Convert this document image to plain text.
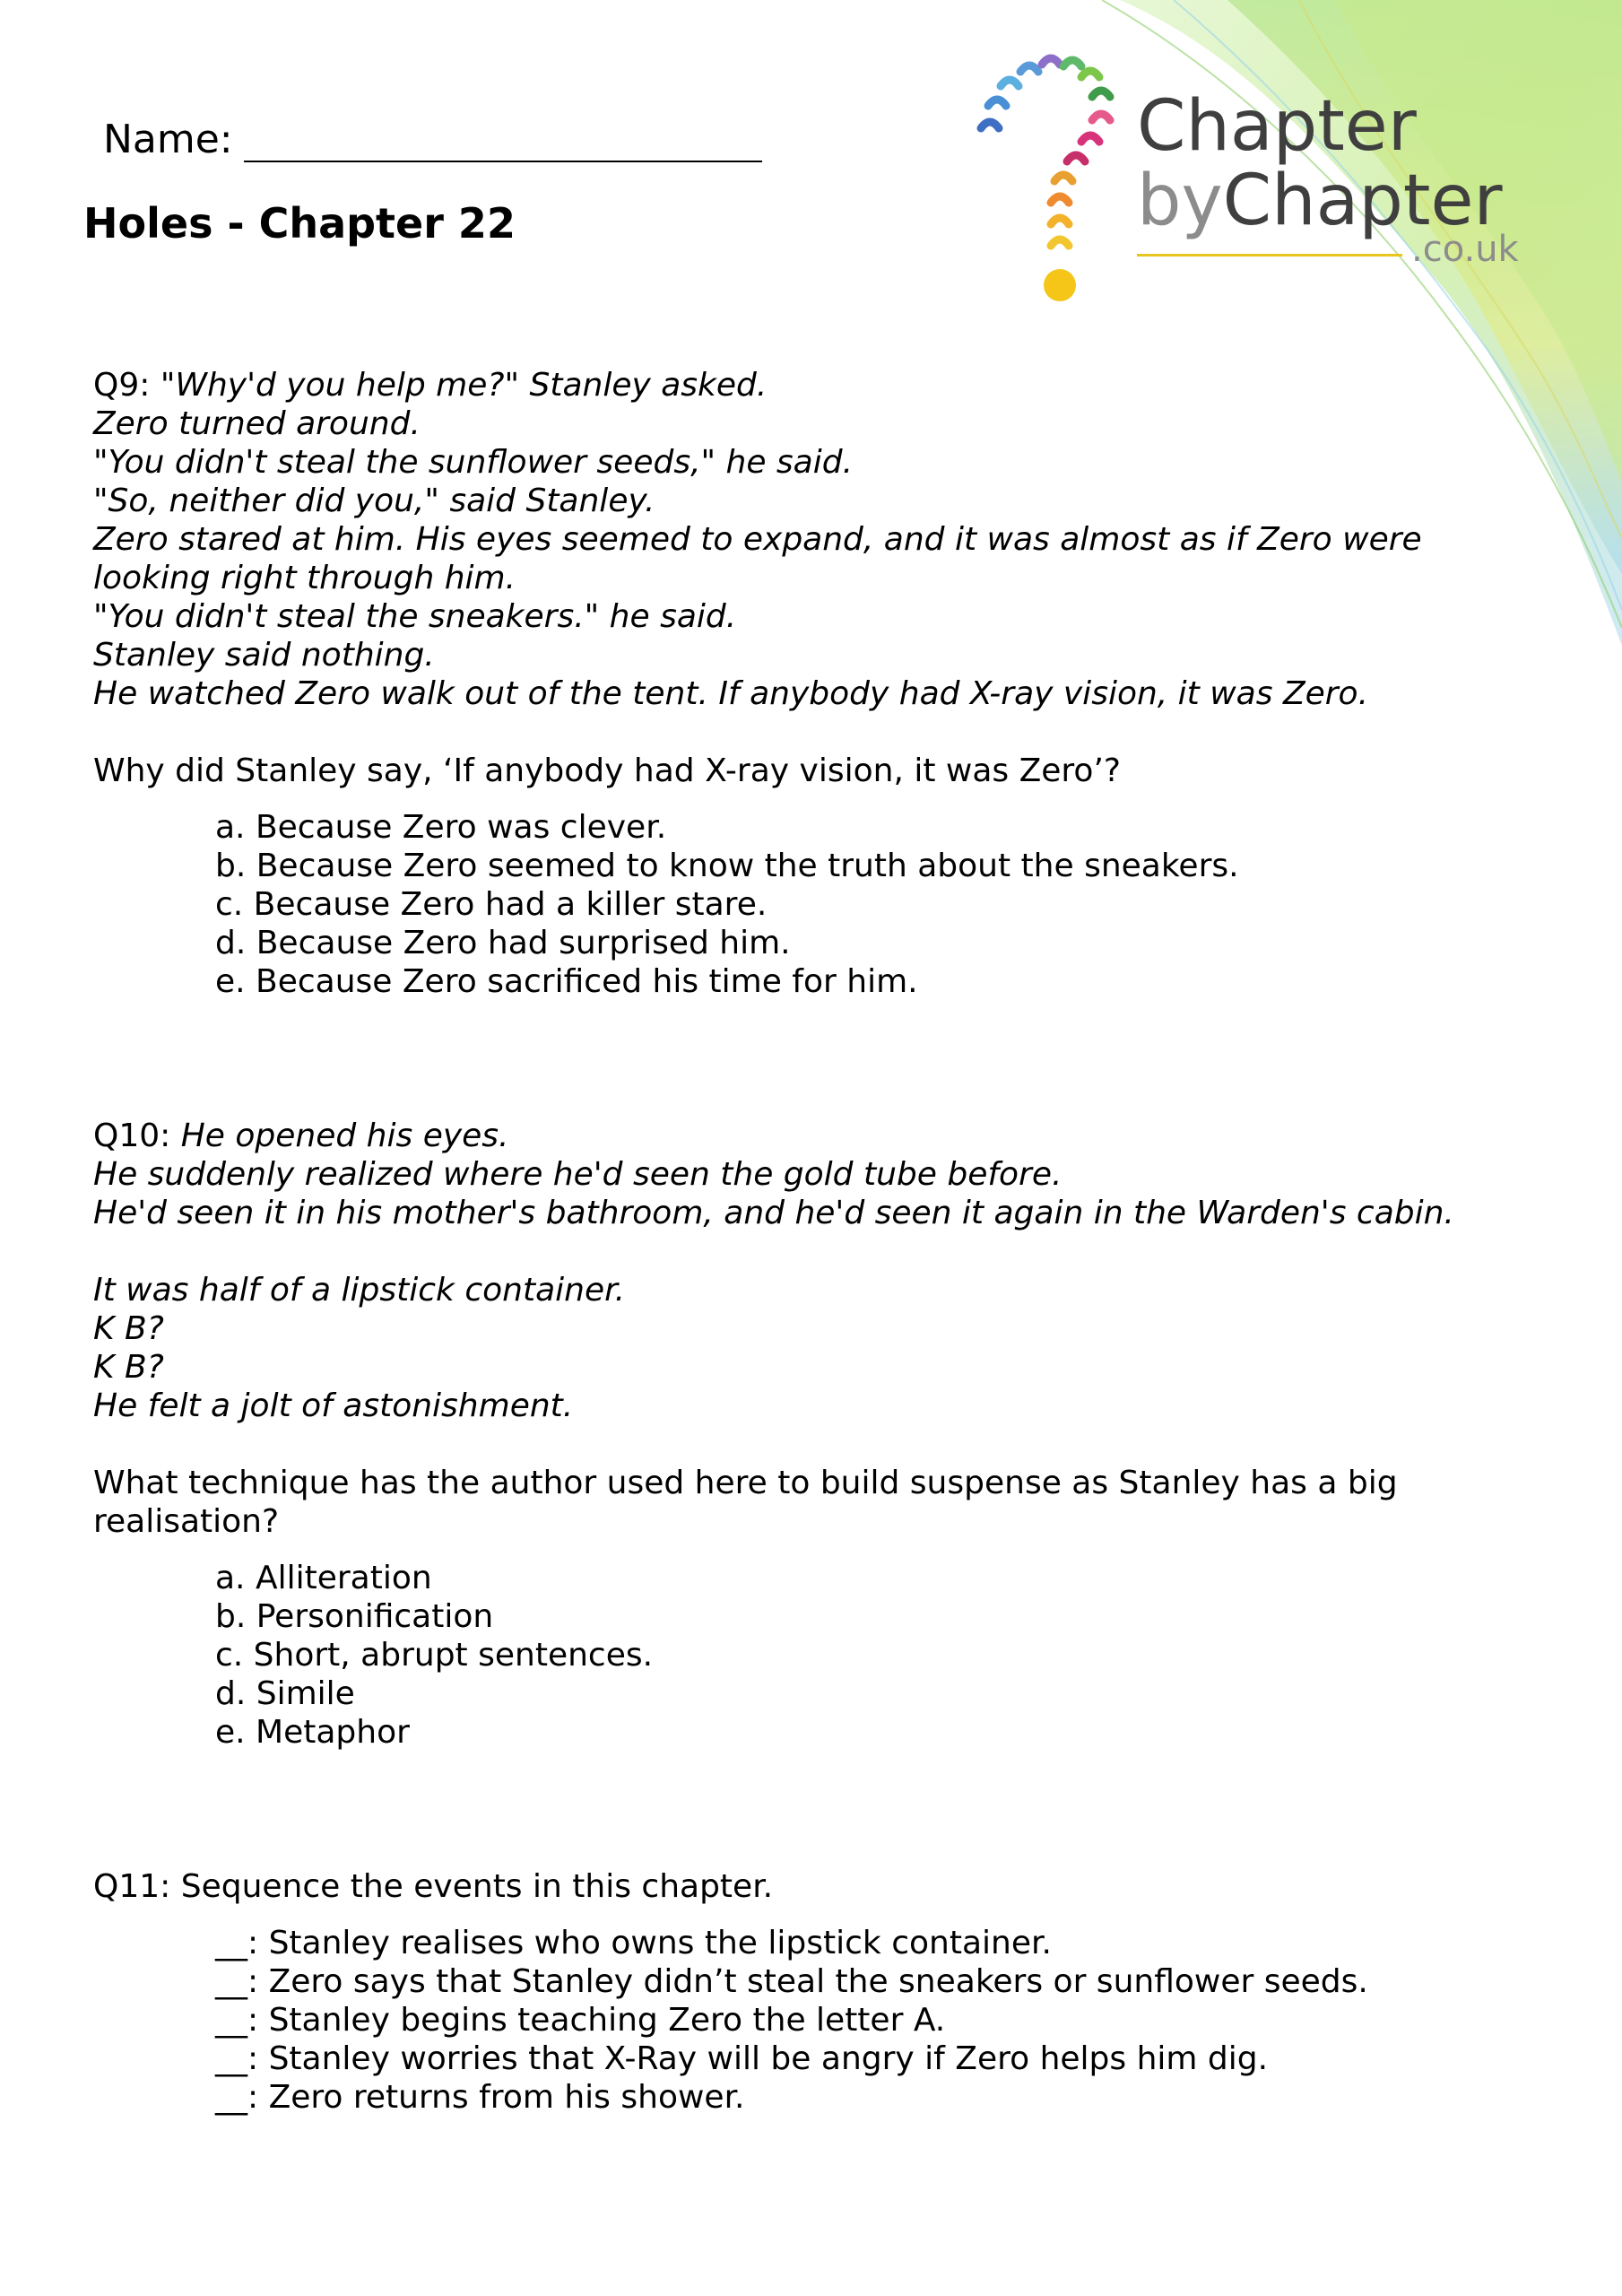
Chapter
byChapter
.co.uk
Name:
Holes - Chapter 22

Q9: "Why'd you help me?" Stanley asked.

Zero turned around.

"You didn't steal the sunflower seeds," he said.

"So, neither did you," said Stanley.

Zero stared at him. His eyes seemed to expand, and it was almost as if Zero were

looking right through him.

"You didn't steal the sneakers." he said.

Stanley said nothing.

He watched Zero walk out of the tent. If anybody had X-ray vision, it was Zero.

Why did Stanley say, ‘If anybody had X-ray vision, it was Zero’?

a. Because Zero was clever.
b. Because Zero seemed to know the truth about the sneakers.
c. Because Zero had a killer stare.
d. Because Zero had surprised him.
e. Because Zero sacrificed his time for him.

Q10: He opened his eyes.

He suddenly realized where he'd seen the gold tube before.

He'd seen it in his mother's bathroom, and he'd seen it again in the Warden's cabin.

It was half of a lipstick container.

K B?

K B?

He felt a jolt of astonishment.

What technique has the author used here to build suspense as Stanley has a big

realisation?

a. Alliteration
b. Personification
c. Short, abrupt sentences.
d. Simile
e. Metaphor

Q11: Sequence the events in this chapter.

__: Stanley realises who owns the lipstick container.
__: Zero says that Stanley didn’t steal the sneakers or sunflower seeds.
__: Stanley begins teaching Zero the letter A.
__: Stanley worries that X-Ray will be angry if Zero helps him dig.
__: Zero returns from his shower.
